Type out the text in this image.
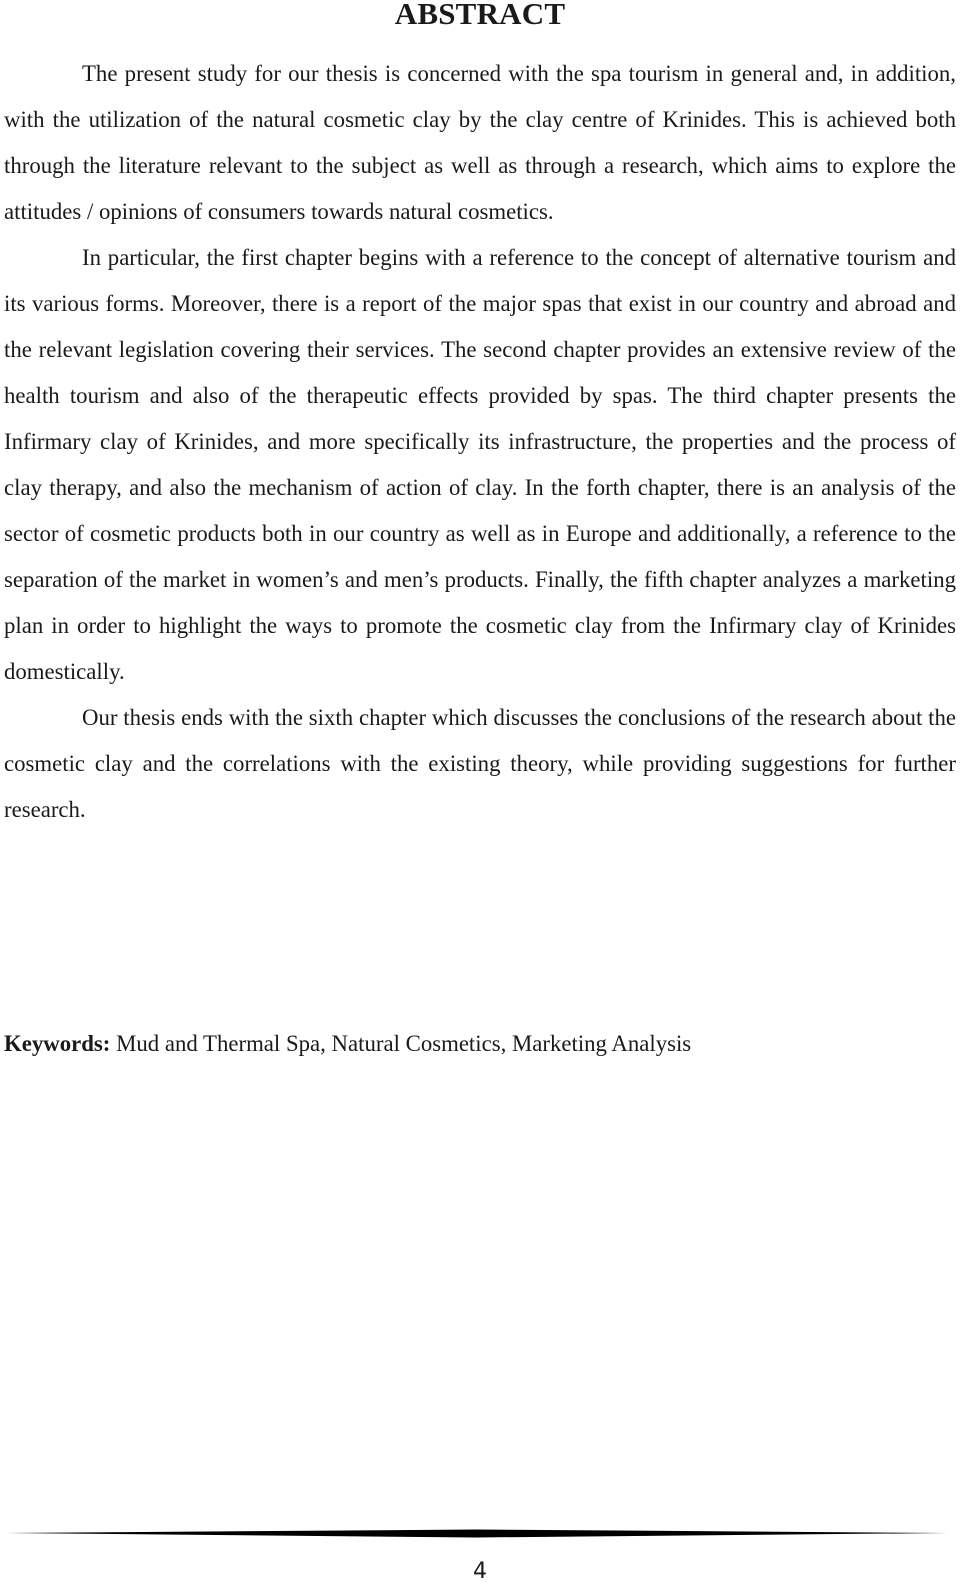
ABSTRACT

The present study for our thesis is concerned with the spa tourism in general and, in addition, with the utilization of the natural cosmetic clay by the clay centre of Krinides. This is achieved both through the literature relevant to the subject as well as through a research, which aims to explore the attitudes / opinions of consumers towards natural cosmetics.

In particular, the first chapter begins with a reference to the concept of alternative tourism and its various forms. Moreover, there is a report of the major spas that exist in our country and abroad and the relevant legislation covering their services. The second chapter provides an extensive review of the health tourism and also of the therapeutic effects provided by spas. The third chapter presents the Infirmary clay of Krinides, and more specifically its infrastructure, the properties and the process of clay therapy, and also the mechanism of action of clay. In the forth chapter, there is an analysis of the sector of cosmetic products both in our country as well as in Europe and additionally, a reference to the separation of the market in women’s and men’s products. Finally, the fifth chapter analyzes a marketing plan in order to highlight the ways to promote the cosmetic clay from the Infirmary clay of Krinides domestically.

Our thesis ends with the sixth chapter which discusses the conclusions of the research about the cosmetic clay and the correlations with the existing theory, while providing suggestions for further research.

Keywords: Mud and Thermal Spa, Natural Cosmetics, Marketing Analysis
4
